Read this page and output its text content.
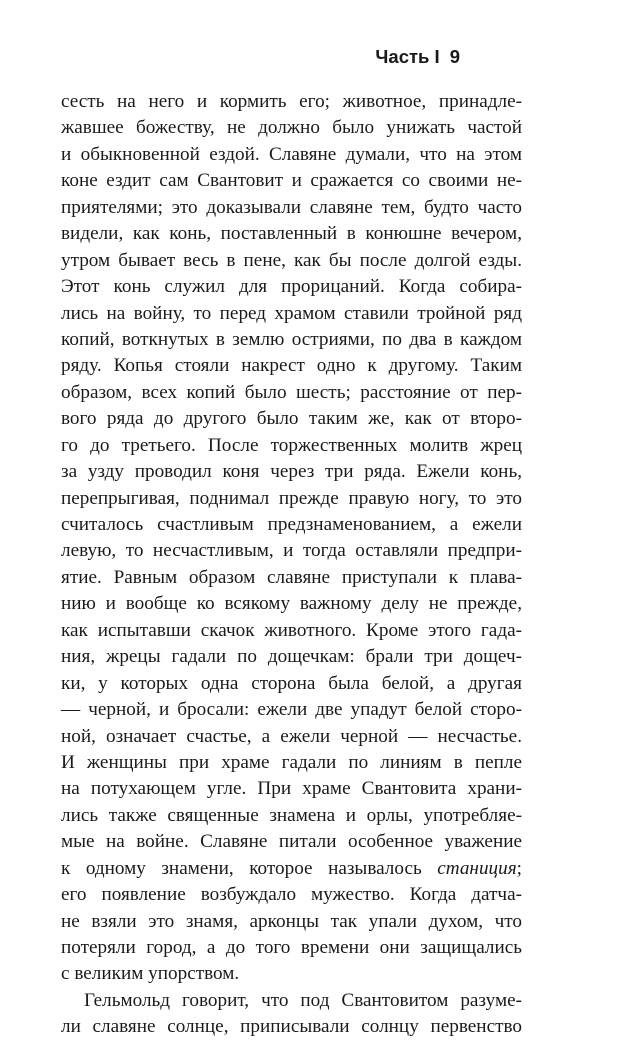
Часть I 9
сесть на него и кормить его; животное, принадле-
жавшее божеству, не должно было унижать частой
и обыкновенной ездой. Славяне думали, что на этом
коне ездит сам Свантовит и сражается со своими не-
приятелями; это доказывали славяне тем, будто часто
видели, как конь, поставленный в конюшне вечером,
утром бывает весь в пене, как бы после долгой езды.
Этот конь служил для прорицаний. Когда собира-
лись на войну, то перед храмом ставили тройной ряд
копий, воткнутых в землю остриями, по два в каждом
ряду. Копья стояли накрест одно к другому. Таким
образом, всех копий было шесть; расстояние от пер-
вого ряда до другого было таким же, как от второ-
го до третьего. После торжественных молитв жрец
за узду проводил коня через три ряда. Ежели конь,
перепрыгивая, поднимал прежде правую ногу, то это
считалось счастливым предзнаменованием, а ежели
левую, то несчастливым, и тогда оставляли предпри-
ятие. Равным образом славяне приступали к плава-
нию и вообще ко всякому важному делу не прежде,
как испытавши скачок животного. Кроме этого гада-
ния, жрецы гадали по дощечкам: брали три дощеч-
ки, у которых одна сторона была белой, а другая
— черной, и бросали: ежели две упадут белой сторо-
ной, означает счастье, а ежели черной — несчастье.
И женщины при храме гадали по линиям в пепле
на потухающем угле. При храме Свантовита храни-
лись также священные знамена и орлы, употребляе-
мые на войне. Славяне питали особенное уважение
к одному знамени, которое называлось станиция;
его появление возбуждало мужество. Когда датча-
не взяли это знамя, арконцы так упали духом, что
потеряли город, а до того времени они защищались
с великим упорством.
Гельмольд говорит, что под Свантовитом разуме-
ли славяне солнце, приписывали солнцу первенство
